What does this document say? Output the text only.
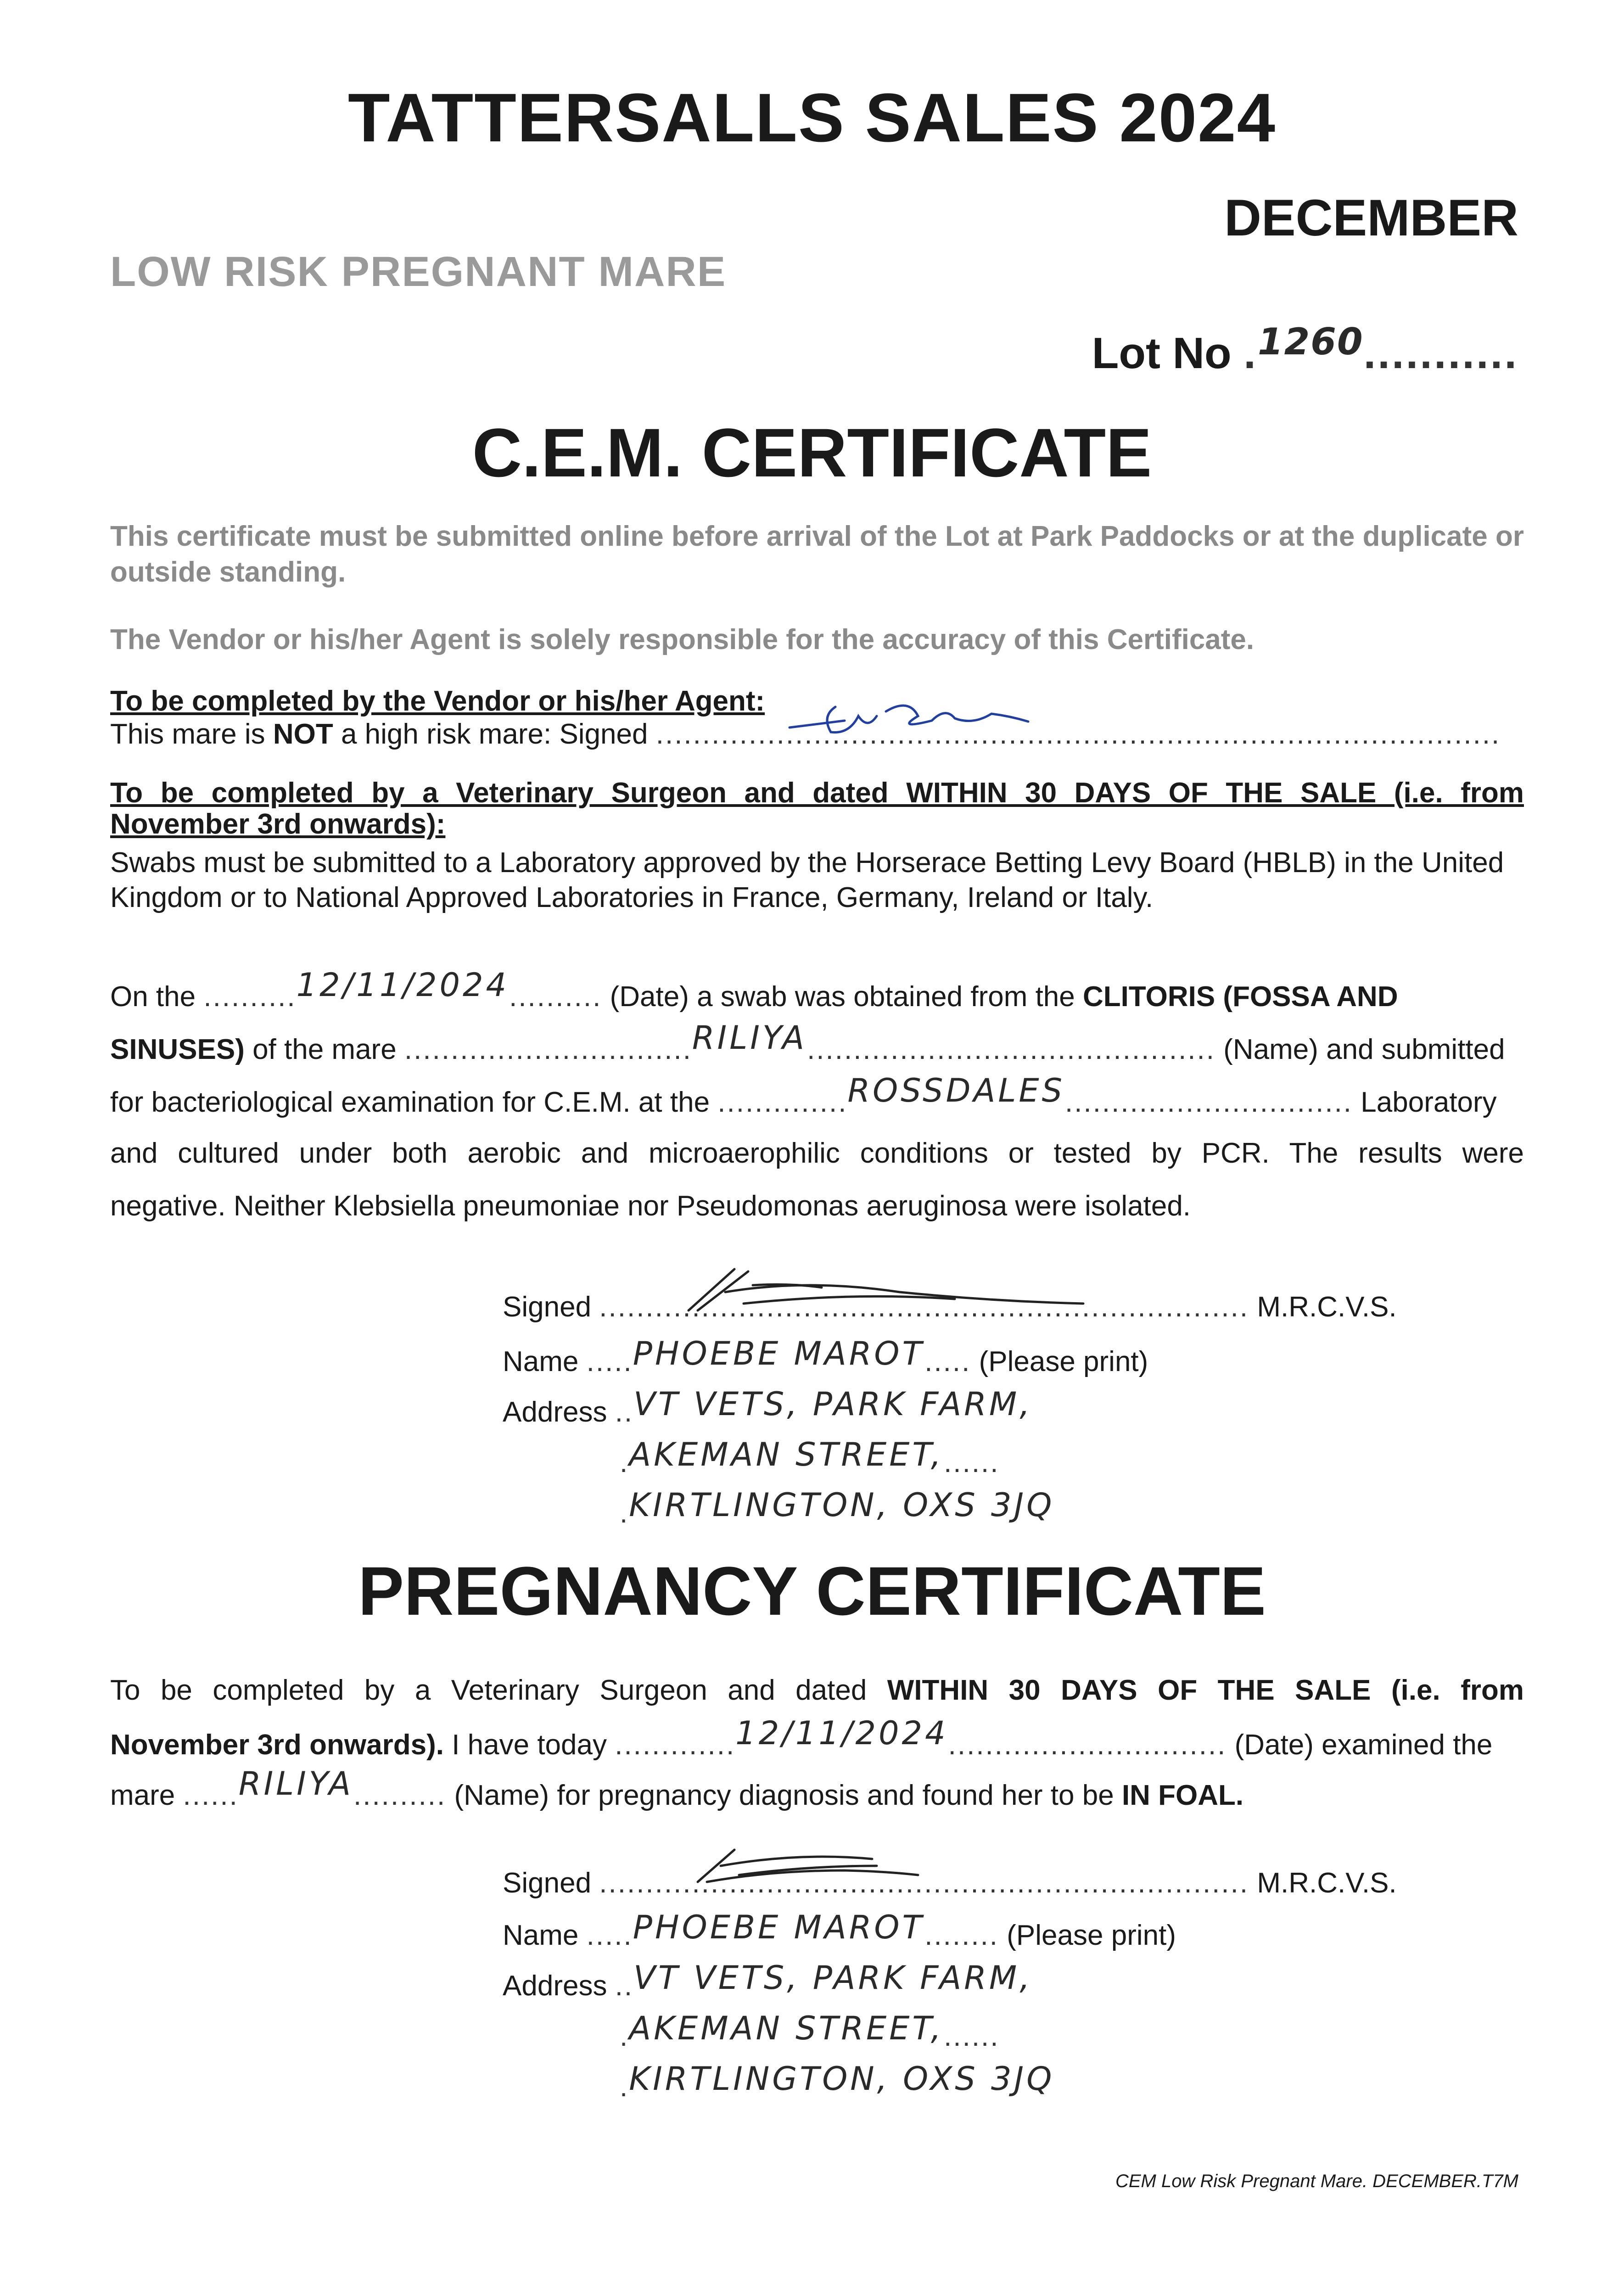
TATTERSALLS SALES 2024
DECEMBER
LOW RISK PREGNANT MARE
Lot No .$^{1260}$...........
C.E.M. CERTIFICATE
This certificate must be submitted online before arrival of the Lot at Park Paddocks or at the duplicate or outside standing.
The Vendor or his/her Agent is solely responsible for the accuracy of this Certificate.
To be completed by the Vendor or his/her Agent:
This mare is NOT a high risk mare: Signed ...........................................................................................
To be completed by a Veterinary Surgeon and dated WITHIN 30 DAYS OF THE SALE (i.e. from
November 3rd onwards):
Swabs must be submitted to a Laboratory approved by the Horserace Betting Levy Board (HBLB) in the United Kingdom or to National Approved Laboratories in France, Germany, Ireland or Italy.
On the ..........12/11/2024.......... (Date) a swab was obtained from the CLITORIS (FOSSA AND
SINUSES) of the mare ...............................RILIYA............................................ (Name) and submitted
for bacteriological examination for C.E.M. at the ..............ROSSDALES............................... Laboratory
and cultured under both aerobic and microaerophilic conditions or tested by PCR. The results were
negative. Neither Klebsiella pneumoniae nor Pseudomonas aeruginosa were isolated.
Signed ...................................................................... M.R.C.V.S.
Name .....PHOEBE MAROT..... (Please print)
Address ..VT VETS, PARK FARM,
.AKEMAN STREET,......
.KIRTLINGTON, OXS 3JQ
PREGNANCY CERTIFICATE
To be completed by a Veterinary Surgeon and dated WITHIN 30 DAYS OF THE SALE (i.e. from
November 3rd onwards). I have today .............12/11/2024.............................. (Date) examined the
mare ......RILIYA.......... (Name) for pregnancy diagnosis and found her to be IN FOAL.
Signed ...................................................................... M.R.C.V.S.
Name .....PHOEBE MAROT........ (Please print)
Address ..VT VETS, PARK FARM,
.AKEMAN STREET,......
.KIRTLINGTON, OXS 3JQ
CEM Low Risk Pregnant Mare. DECEMBER.T7M
